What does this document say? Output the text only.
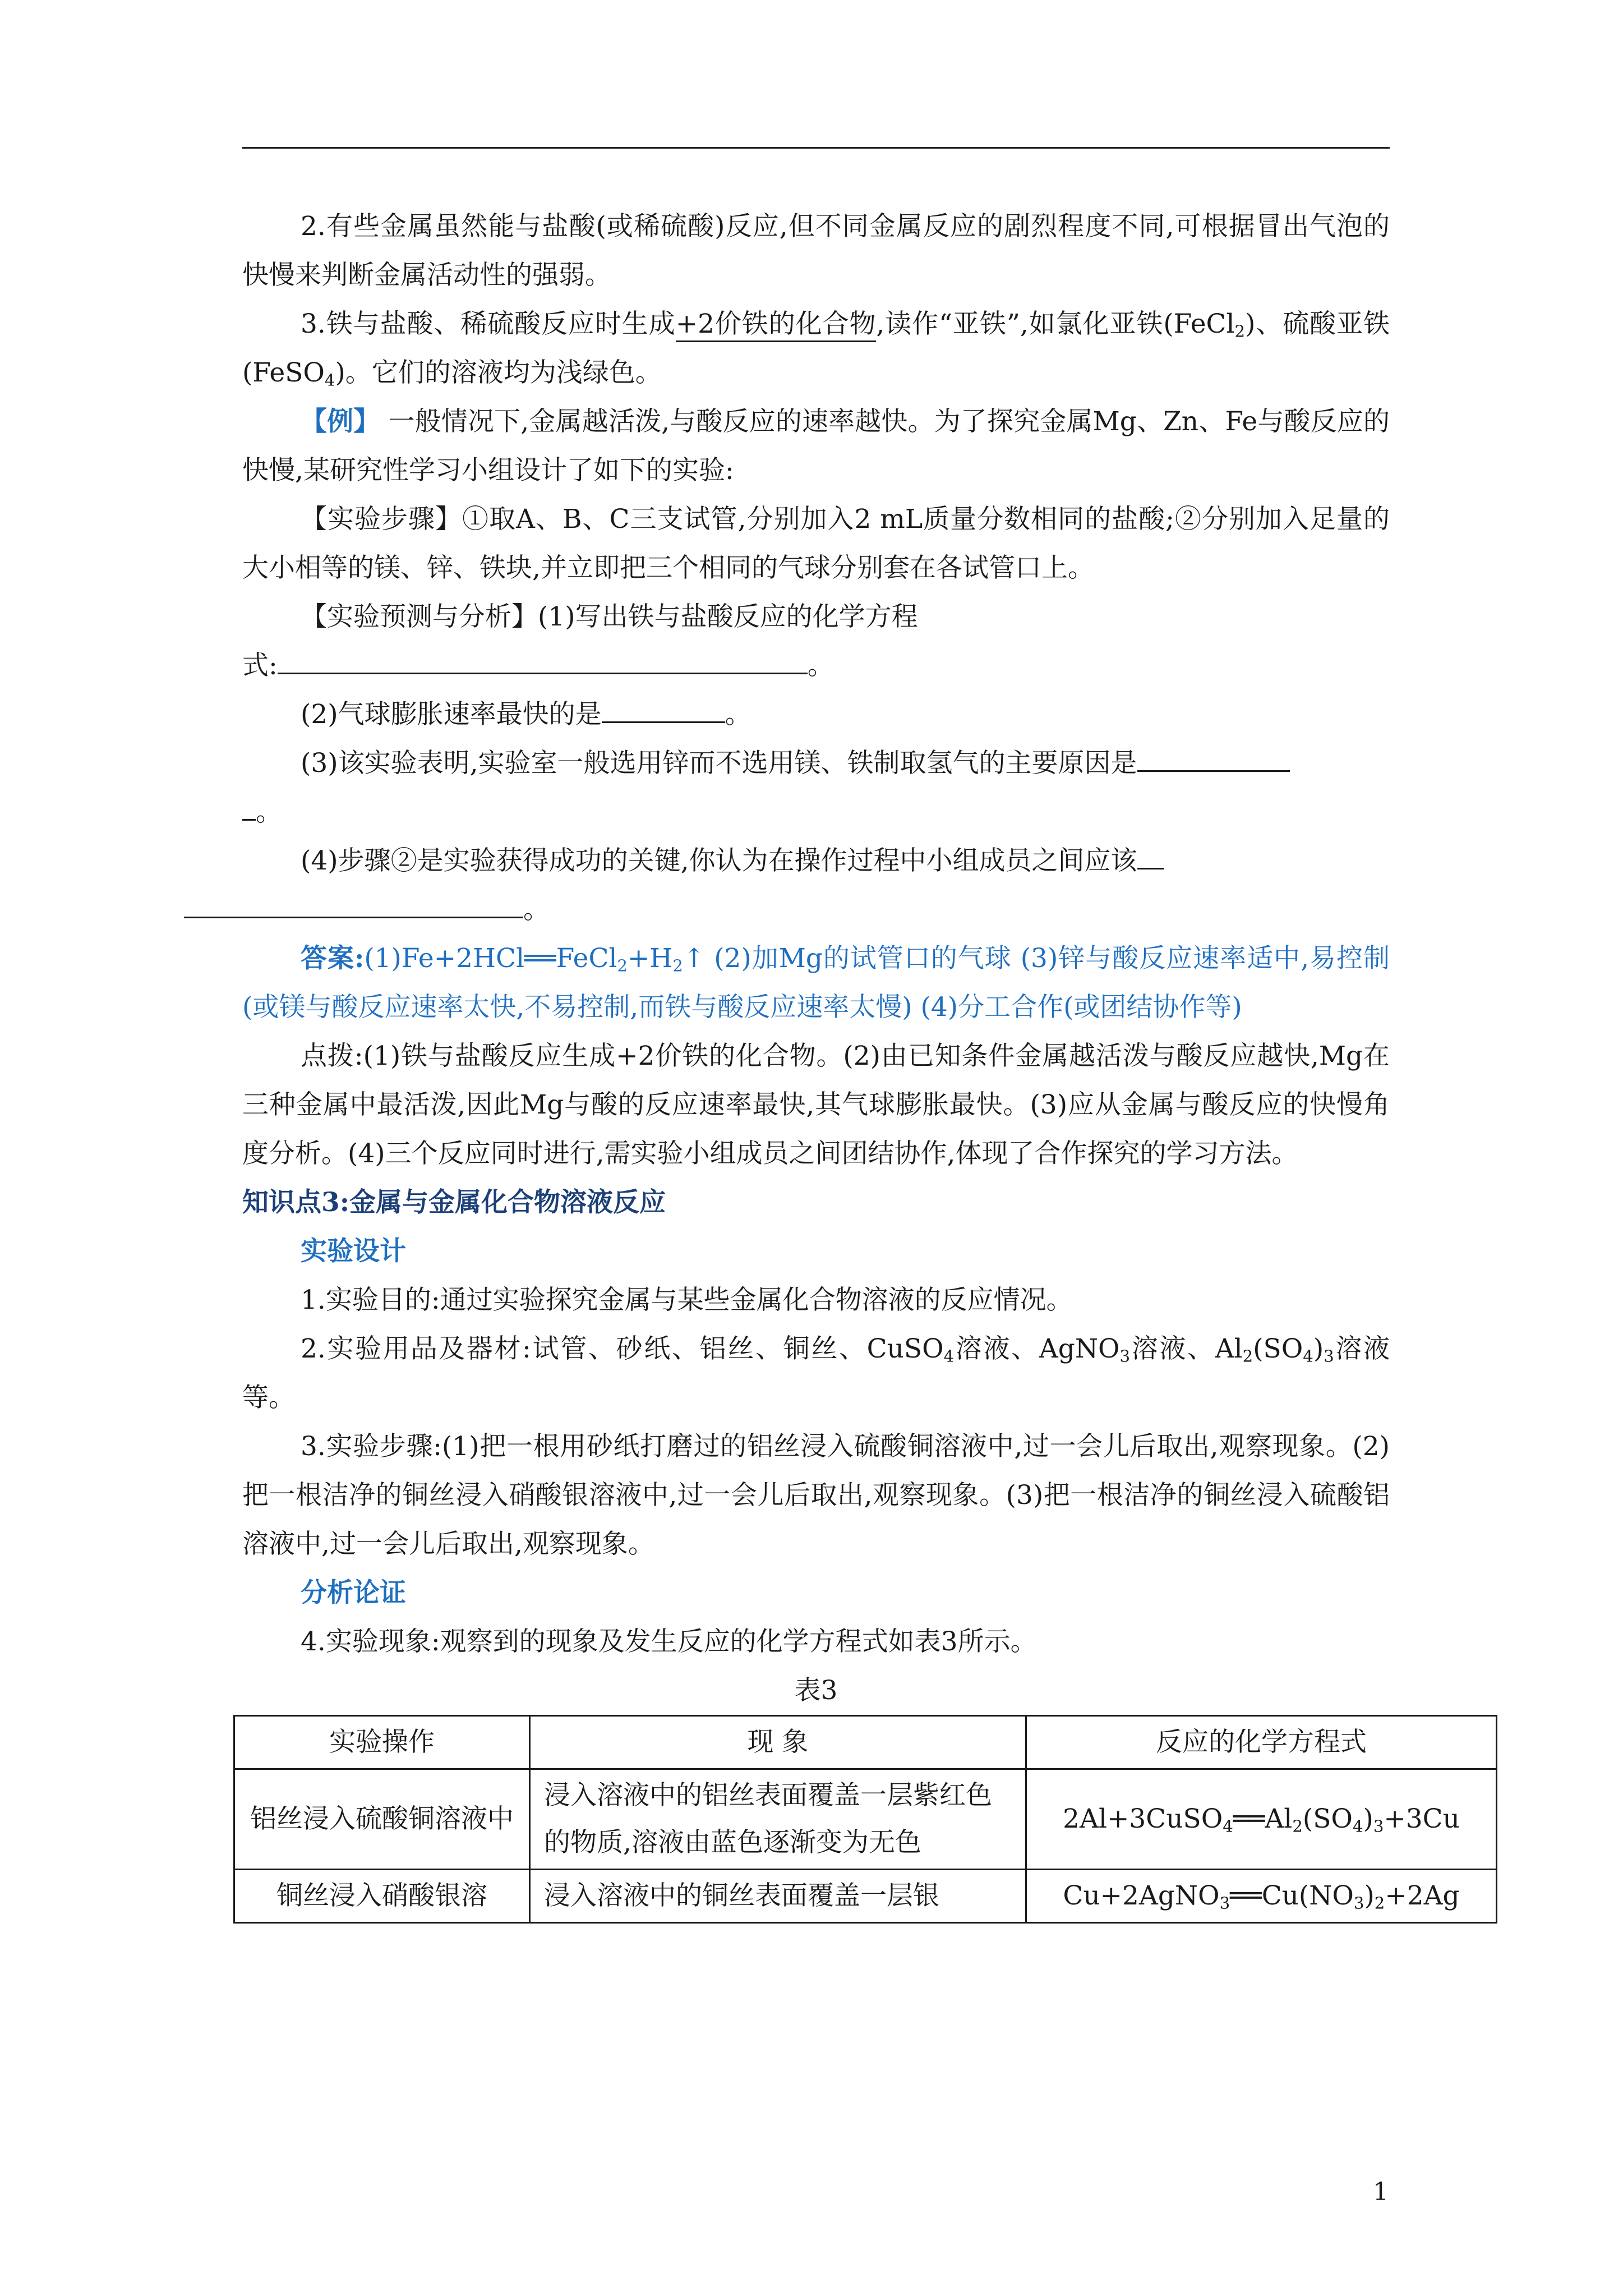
2.有些金属虽然能与盐酸(或稀硫酸)反应,但不同金属反应的剧烈程度不同,可根据冒出气泡的快慢来判断金属活动性的强弱。

3.铁与盐酸、稀硫酸反应时生成+2价铁的化合物,读作“亚铁”,如氯化亚铁(FeCl$_2$)、硫酸亚铁(FeSO$_4$)。它们的溶液均为浅绿色。

【例】 一般情况下,金属越活泼,与酸反应的速率越快。为了探究金属Mg、Zn、Fe与酸反应的快慢,某研究性学习小组设计了如下的实验:

【实验步骤】①取A、B、C三支试管,分别加入2 mL质量分数相同的盐酸;②分别加入足量的大小相等的镁、锌、铁块,并立即把三个相同的气球分别套在各试管口上。

【实验预测与分析】(1)写出铁与盐酸反应的化学方程

式:	。

(2)气球膨胀速率最快的是	。

(3)该实验表明,实验室一般选用锌而不选用镁、铁制取氢气的主要原因是
。

(4)步骤②是实验获得成功的关键,你认为在操作过程中小组成员之间应该
。

答案$:(1)Fe+2HCl══FeCl_2+H_2↑$ (2)加Mg的试管口的气球 (3)锌与酸反应速率适中,易控制(或镁与酸反应速率太快,不易控制,而铁与酸反应速率太慢) (4)分工合作(或团结协作等)

点拨:(1)铁与盐酸反应生成+2价铁的化合物。(2)由已知条件金属越活泼与酸反应越快,Mg在三种金属中最活泼,因此Mg与酸的反应速率最快,其气球膨胀最快。(3)应从金属与酸反应的快慢角度分析。(4)三个反应同时进行,需实验小组成员之间团结协作,体现了合作探究的学习方法。

知识点3:金属与金属化合物溶液反应

实验设计

1.实验目的:通过实验探究金属与某些金属化合物溶液的反应情况。

2.实验用品及器材:试管、砂纸、铝丝、铜丝、CuSO$_4$溶液、AgNO$_3$溶液、$Al_2(SO_4)_3$溶液等。

3.实验步骤:(1)把一根用砂纸打磨过的铝丝浸入硫酸铜溶液中,过一会儿后取出,观察现象。(2)把一根洁净的铜丝浸入硝酸银溶液中,过一会儿后取出,观察现象。(3)把一根洁净的铜丝浸入硫酸铝溶液中,过一会儿后取出,观察现象。

分析论证

4.实验现象:观察到的现象及发生反应的化学方程式如表3所示。

表3

实验操作	现 象	反应的化学方程式
铝丝浸入硫酸铜溶液中	浸入溶液中的铝丝表面覆盖一层紫红色的物质,溶液由蓝色逐渐变为无色	$2Al+3CuSO_4══Al_2(SO_4)_3+3Cu$
铜丝浸入硝酸银溶	浸入溶液中的铜丝表面覆盖一层银	$Cu+2AgNO_3══Cu(NO_3)_2+2Ag$
1
